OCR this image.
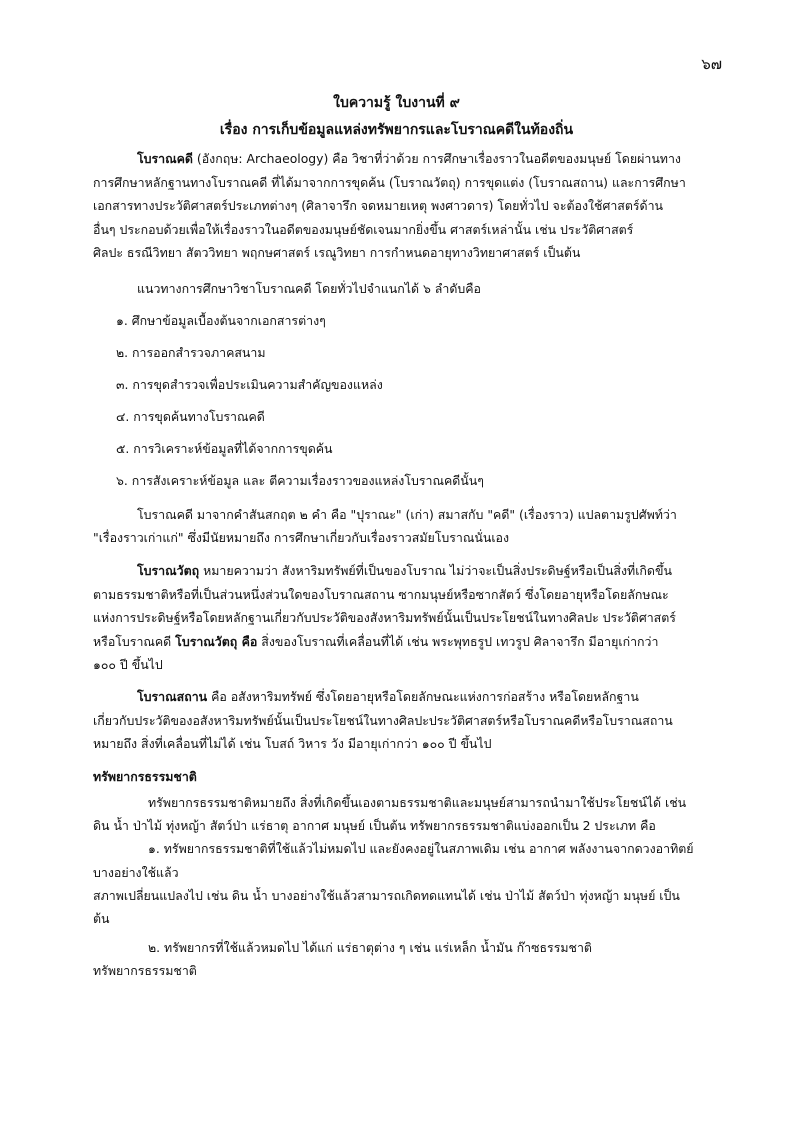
๖๗
ใบความรู้ ใบงานที่ ๙
เรื่อง การเก็บข้อมูลแหล่งทรัพยากรและโบราณคดีในท้องถิ่น
โบราณคดี (อังกฤษ: Archaeology) คือ วิชาที่ว่าด้วย การศึกษาเรื่องราวในอดีตของมนุษย์ โดยผ่านทาง
การศึกษาหลักฐานทางโบราณคดี ที่ได้มาจากการขุดค้น (โบราณวัตถุ) การขุดแต่ง (โบราณสถาน) และการศึกษา
เอกสารทางประวัติศาสตร์ประเภทต่างๆ (ศิลาจารึก จดหมายเหตุ พงศาวดาร) โดยทั่วไป จะต้องใช้ศาสตร์ด้าน
อื่นๆ ประกอบด้วยเพื่อให้เรื่องราวในอดีตของมนุษย์ชัดเจนมากยิ่งขึ้น ศาสตร์เหล่านั้น เช่น ประวัติศาสตร์
ศิลปะ ธรณีวิทยา สัตววิทยา พฤกษศาสตร์ เรณูวิทยา การกำหนดอายุทางวิทยาศาสตร์ เป็นต้น
แนวทางการศึกษาวิชาโบราณคดี โดยทั่วไปจำแนกได้ ๖ ลำดับคือ
๑. ศึกษาข้อมูลเบื้องต้นจากเอกสารต่างๆ
๒. การออกสำรวจภาคสนาม
๓. การขุดสำรวจเพื่อประเมินความสำคัญของแหล่ง
๔. การขุดค้นทางโบราณคดี
๕. การวิเคราะห์ข้อมูลที่ได้จากการขุดค้น
๖. การสังเคราะห์ข้อมูล และ ตีความเรื่องราวของแหล่งโบราณคดีนั้นๆ
โบราณคดี มาจากคำสันสกฤต ๒ คำ คือ "ปุราณะ" (เก่า) สมาสกับ "คดี" (เรื่องราว) แปลตามรูปศัพท์ว่า
"เรื่องราวเก่าแก่" ซึ่งมีนัยหมายถึง การศึกษาเกี่ยวกับเรื่องราวสมัยโบราณนั่นเอง
โบราณวัตถุ หมายความว่า สังหาริมทรัพย์ที่เป็นของโบราณ ไม่ว่าจะเป็นสิ่งประดิษฐ์หรือเป็นสิ่งที่เกิดขึ้น
ตามธรรมชาติหรือที่เป็นส่วนหนึ่งส่วนใดของโบราณสถาน ซากมนุษย์หรือซากสัตว์ ซึ่งโดยอายุหรือโดยลักษณะ
แห่งการประดิษฐ์หรือโดยหลักฐานเกี่ยวกับประวัติของสังหาริมทรัพย์นั้นเป็นประโยชน์ในทางศิลปะ ประวัติศาสตร์
หรือโบราณคดี โบราณวัตถุ คือ สิ่งของโบราณที่เคลื่อนที่ได้ เช่น พระพุทธรูป เทวรูป ศิลาจารึก มีอายุเก่ากว่า
๑๐๐ ปี ขึ้นไป
โบราณสถาน คือ อสังหาริมทรัพย์ ซึ่งโดยอายุหรือโดยลักษณะแห่งการก่อสร้าง หรือโดยหลักฐาน
เกี่ยวกับประวัติของอสังหาริมทรัพย์นั้นเป็นประโยชน์ในทางศิลปะประวัติศาสตร์หรือโบราณคดีหรือโบราณสถาน
หมายถึง สิ่งที่เคลื่อนที่ไม่ได้ เช่น โบสถ์ วิหาร วัง มีอายุเก่ากว่า ๑๐๐ ปี ขึ้นไป
ทรัพยากรธรรมชาติ
ทรัพยากรธรรมชาติหมายถึง สิ่งที่เกิดขึ้นเองตามธรรมชาติและมนุษย์สามารถนำมาใช้ประโยชน์ได้ เช่น
ดิน น้ำ ป่าไม้ ทุ่งหญ้า สัตว์ป่า แร่ธาตุ อากาศ มนุษย์ เป็นต้น ทรัพยากรธรรมชาติแบ่งออกเป็น 2 ประเภท คือ
๑. ทรัพยากรธรรมชาติที่ใช้แล้วไม่หมดไป และยังคงอยู่ในสภาพเดิม เช่น อากาศ พลังงานจากดวงอาทิตย์
บางอย่างใช้แล้ว
สภาพเปลี่ยนแปลงไป เช่น ดิน น้ำ บางอย่างใช้แล้วสามารถเกิดทดแทนได้ เช่น ป่าไม้ สัตว์ป่า ทุ่งหญ้า มนุษย์ เป็น
ต้น
๒. ทรัพยากรที่ใช้แล้วหมดไป ได้แก่ แร่ธาตุต่าง ๆ เช่น แร่เหล็ก น้ำมัน ก๊าซธรรมชาติ
ทรัพยากรธรรมชาติ
